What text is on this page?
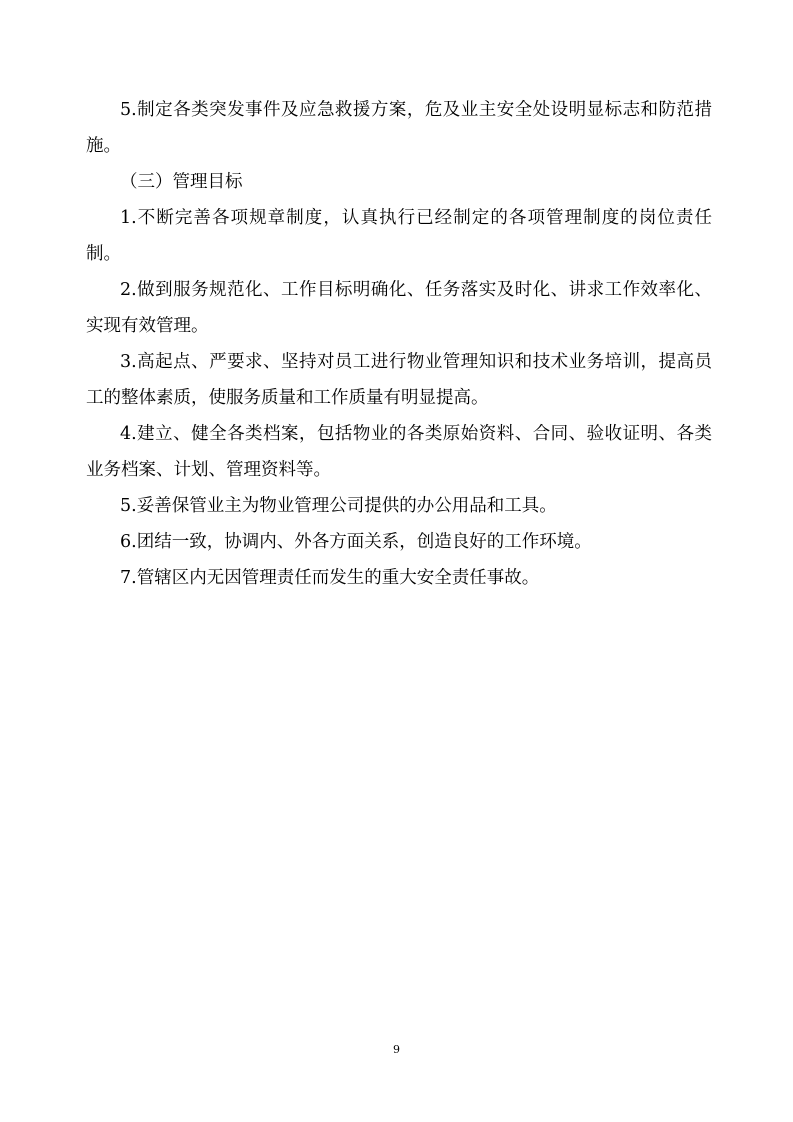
5.制定各类突发事件及应急救援方案，危及业主安全处设明显标志和防范措施。

（三）管理目标

1.不断完善各项规章制度，认真执行已经制定的各项管理制度的岗位责任制。

2.做到服务规范化、工作目标明确化、任务落实及时化、讲求工作效率化、实现有效管理。

3.高起点、严要求、坚持对员工进行物业管理知识和技术业务培训，提高员工的整体素质，使服务质量和工作质量有明显提高。

4.建立、健全各类档案，包括物业的各类原始资料、合同、验收证明、各类业务档案、计划、管理资料等。

5.妥善保管业主为物业管理公司提供的办公用品和工具。

6.团结一致，协调内、外各方面关系，创造良好的工作环境。

7.管辖区内无因管理责任而发生的重大安全责任事故。

9
